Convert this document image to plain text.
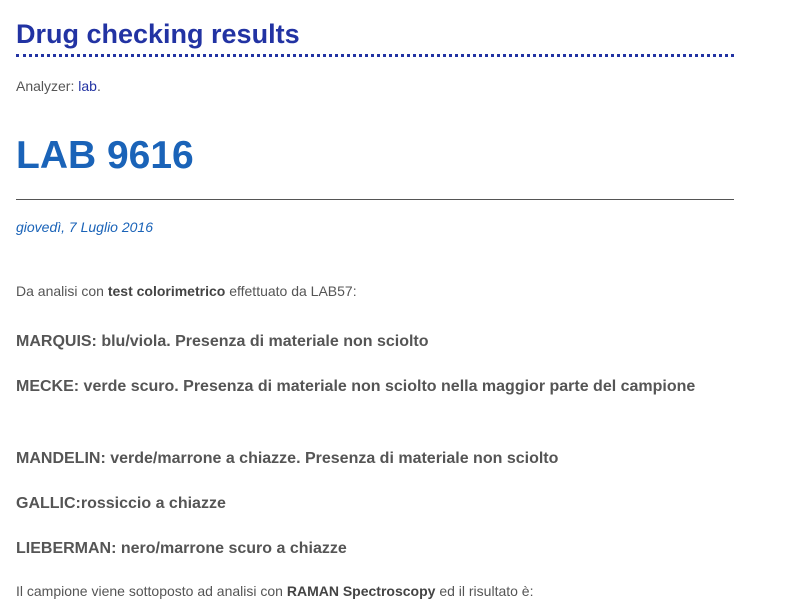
Drug checking results
Analyzer: lab.
LAB 9616
giovedì, 7 Luglio 2016

Da analisi con test colorimetrico effettuato da LAB57:

MARQUIS: blu/viola. Presenza di materiale non sciolto

MECKE: verde scuro. Presenza di materiale non sciolto nella maggior parte del campione

MANDELIN: verde/marrone a chiazze. Presenza di materiale non sciolto

GALLIC:rossiccio a chiazze

LIEBERMAN: nero/marrone scuro a chiazze

Il campione viene sottoposto ad analisi con RAMAN Spectroscopy ed il risultato è:
